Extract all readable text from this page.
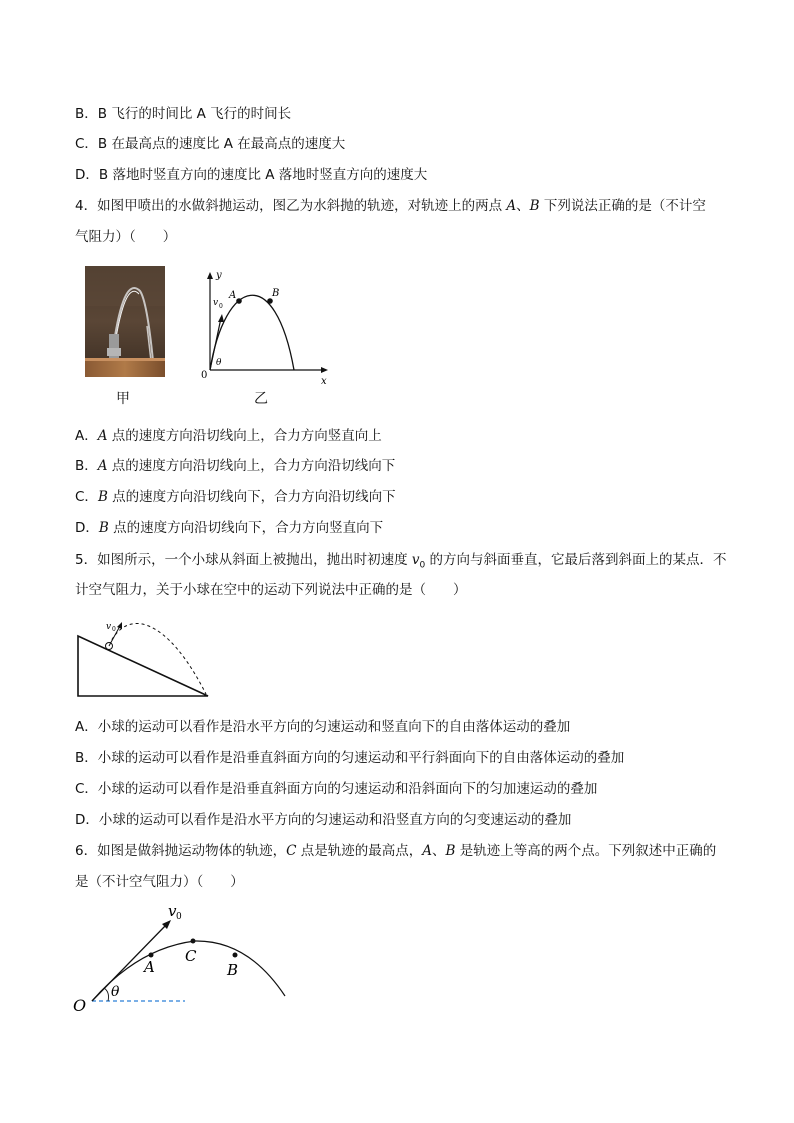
B．B 飞行的时间比 A 飞行的时间长
C．B 在最高点的速度比 A 在最高点的速度大
D．B 落地时竖直方向的速度比 A 落地时竖直方向的速度大
4．如图甲喷出的水做斜抛运动，图乙为水斜抛的轨迹，对轨迹上的两点 A、B 下列说法正确的是（不计空
气阻力）（　　）
甲
y
x
0
v 0
A	B
θ
乙
A．A 点的速度方向沿切线向上，合力方向竖直向上
B．A 点的速度方向沿切线向上，合力方向沿切线向下
C．B 点的速度方向沿切线向下，合力方向沿切线向下
D．B 点的速度方向沿切线向下，合力方向竖直向下
5．如图所示，一个小球从斜面上被抛出，抛出时初速度 $v_0$ 的方向与斜面垂直，它最后落到斜面上的某点．不
计空气阻力，关于小球在空中的运动下列说法中正确的是（　　）
v 0
A．小球的运动可以看作是沿水平方向的匀速运动和竖直向下的自由落体运动的叠加
B．小球的运动可以看作是沿垂直斜面方向的匀速运动和平行斜面向下的自由落体运动的叠加
C．小球的运动可以看作是沿垂直斜面方向的匀速运动和沿斜面向下的匀加速运动的叠加
D．小球的运动可以看作是沿水平方向的匀速运动和沿竖直方向的匀变速运动的叠加
6．如图是做斜抛运动物体的轨迹，C 点是轨迹的最高点，A、B 是轨迹上等高的两个点。下列叙述中正确的
是（不计空气阻力）（　　）
v 0
A
C
B
O
θ
